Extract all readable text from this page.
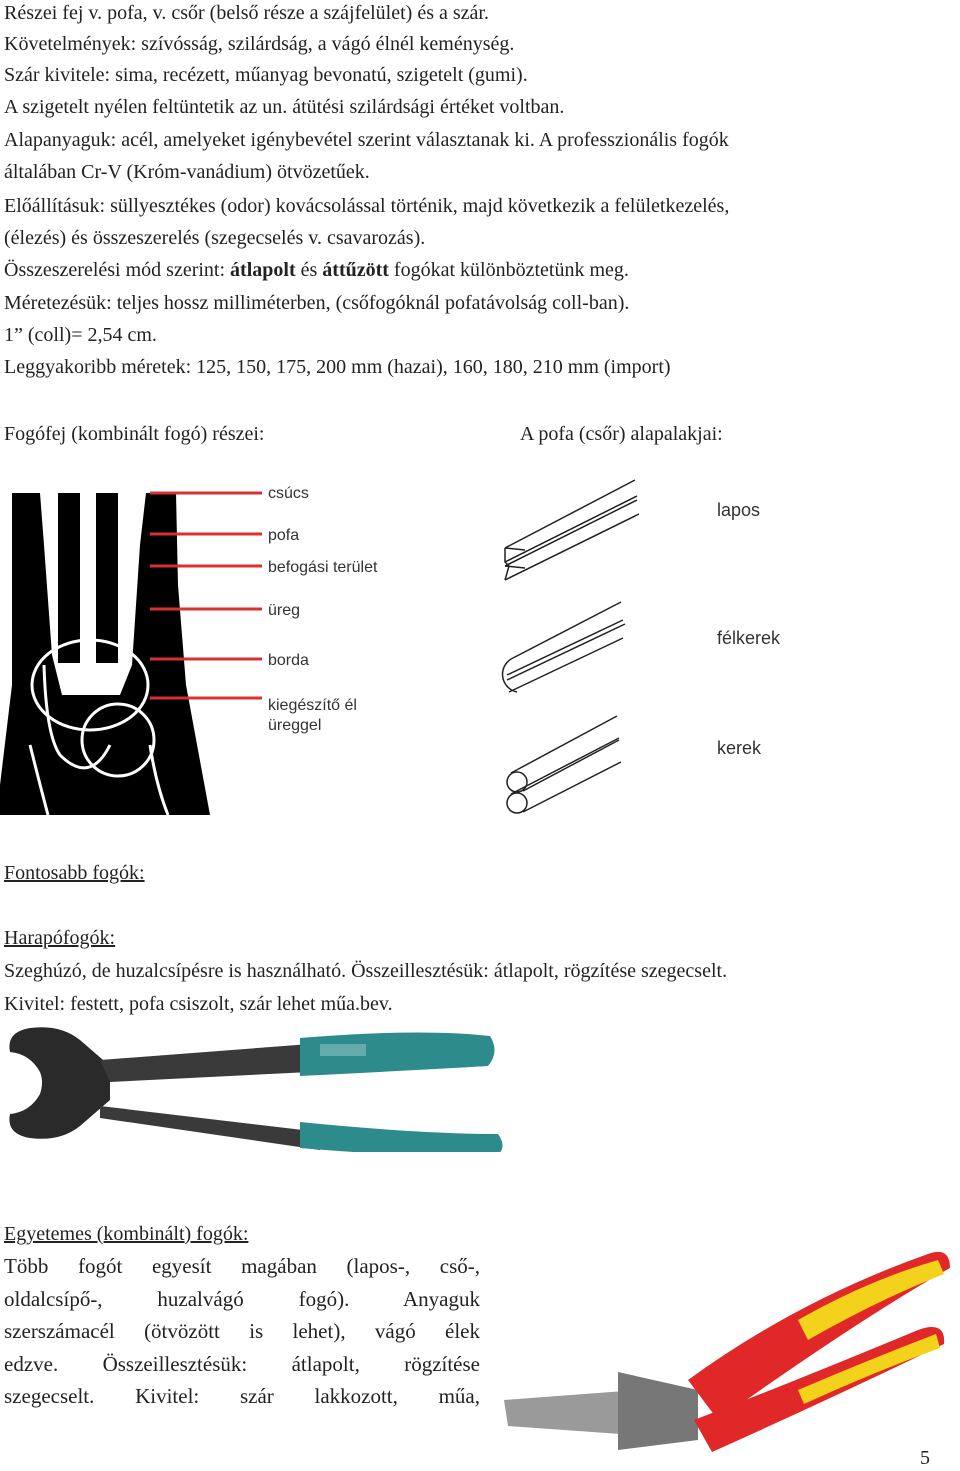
Részei fej v. pofa, v. csőr (belső része a szájfelület) és a szár.
Követelmények: szívósság, szilárdság, a vágó élnél keménység.
Szár kivitele: sima, recézett, műanyag bevonatú, szigetelt (gumi).
A szigetelt nyélen feltüntetik az un. átütési szilárdsági értéket voltban.
Alapanyaguk: acél, amelyeket igénybevétel szerint választanak ki. A professzionális fogók
általában Cr-V (Króm-vanádium) ötvözetűek.
Előállításuk: süllyesztékes (odor) kovácsolással történik, majd következik a felületkezelés,
(élezés) és összeszerelés (szegecselés v. csavarozás).
Összeszerelési mód szerint: átlapolt és áttűzött fogókat különböztetünk meg.
Méretezésük: teljes hossz milliméterben, (csőfogóknál pofatávolság coll-ban).
1” (coll)= 2,54 cm.
Leggyakoribb méretek: 125, 150, 175, 200 mm (hazai), 160, 180, 210 mm (import)
Fogófej (kombinált fogó) részei:	A pofa (csőr) alapalakjai:
csúcs
pofa
befogási terület
üreg
borda
kiegészítő él
üreggel
lapos
félkerek
kerek
Fontosabb fogók:
Harapófogók:
Szeghúzó, de huzalcsípésre is használható. Összeillesztésük: átlapolt, rögzítése szegecselt.
Kivitel: festett, pofa csiszolt, szár lehet műa.bev.
Egyetemes (kombinált) fogók:
Több fogót egyesít magában (lapos-, cső-,
oldalcsípő-, huzalvágó fogó). Anyaguk
szerszámacél (ötvözött is lehet), vágó élek
edzve. Összeillesztésük: átlapolt, rögzítése
szegecselt. Kivitel: szár lakkozott, műa,
5
